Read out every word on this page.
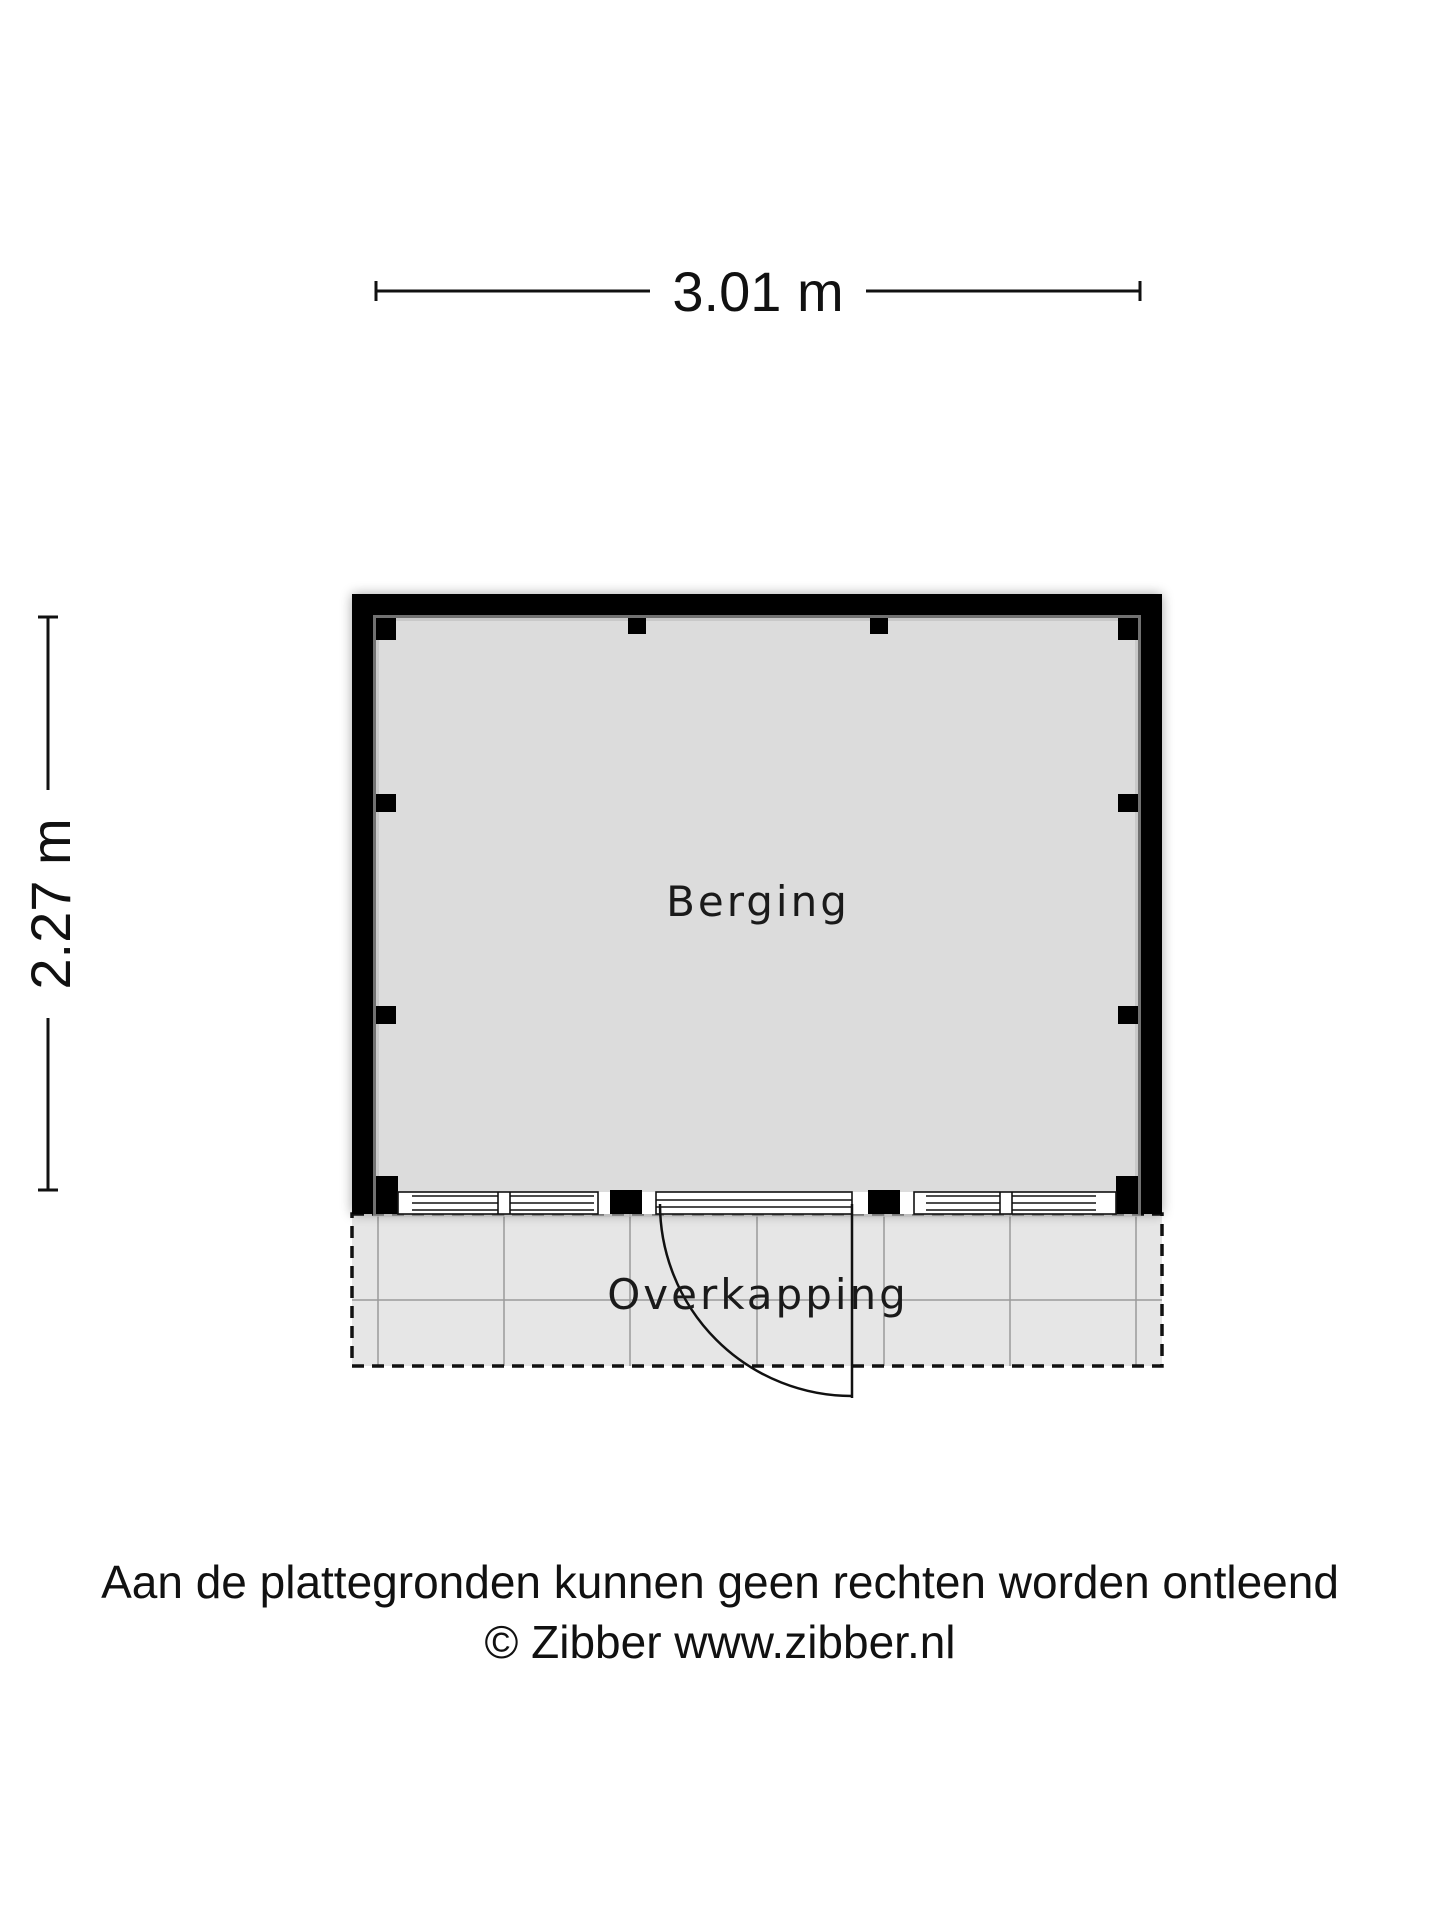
3.01 m
2.27 m	Berging
Overkapping
Aan de plattegronden kunnen geen rechten worden ontleend
© Zibber www.zibber.nl
